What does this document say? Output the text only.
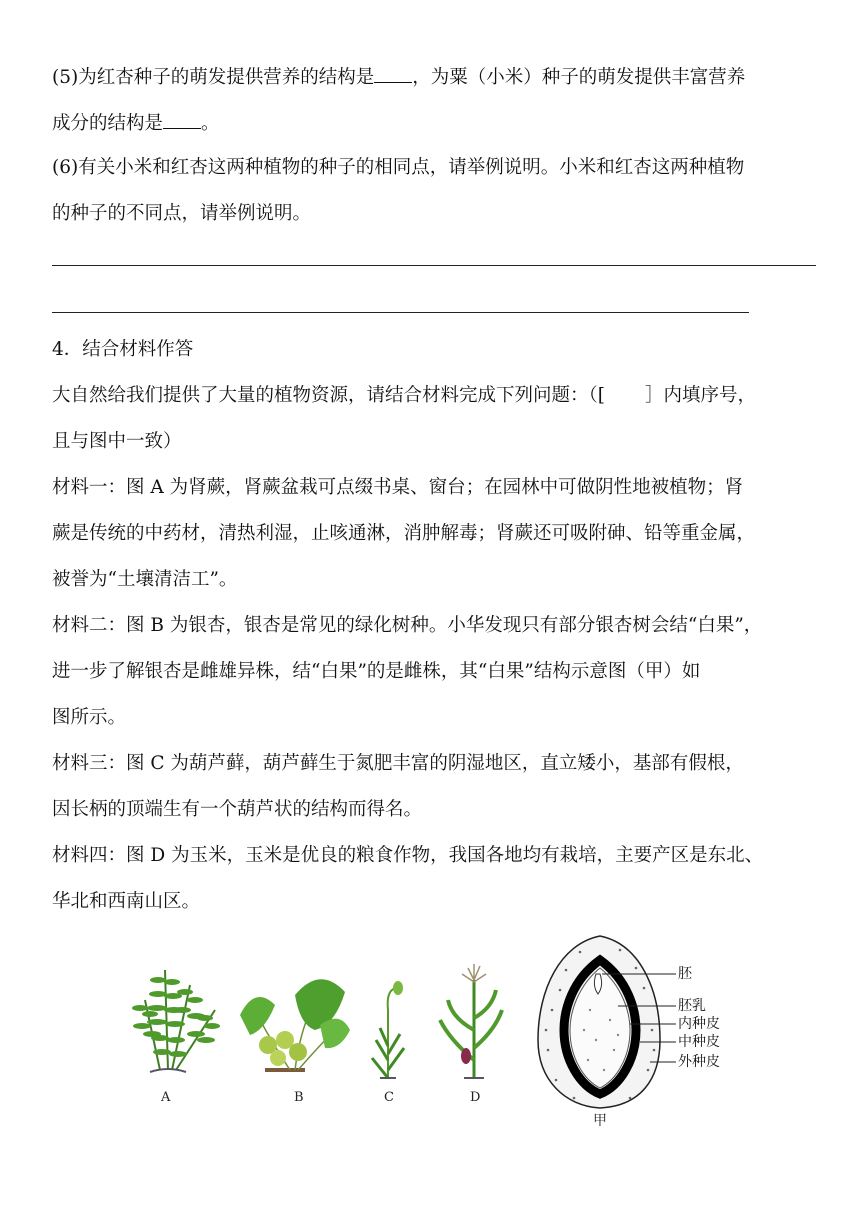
(5)为红杏种子的萌发提供营养的结构是 ，为粟（小米）种子的萌发提供丰富营养
成分的结构是 。
(6)有关小米和红杏这两种植物的种子的相同点，请举例说明。小米和红杏这两种植物
的种子的不同点，请举例说明。
4．结合材料作答
大自然给我们提供了大量的植物资源，请结合材料完成下列问题：（[ ］内填序号，
且与图中一致）
材料一：图 A 为肾蕨，肾蕨盆栽可点缀书桌、窗台；在园林中可做阴性地被植物；肾
蕨是传统的中药材，清热利湿，止咳通淋，消肿解毒；肾蕨还可吸附砷、铅等重金属，
被誉为“土壤清洁工”。
材料二：图 B 为银杏，银杏是常见的绿化树种。小华发现只有部分银杏树会结“白果”，
进一步了解银杏是雌雄异株，结“白果”的是雌株，其“白果”结构示意图（甲）如
图所示。
材料三：图 C 为葫芦藓，葫芦藓生于氮肥丰富的阴湿地区，直立矮小，基部有假根，
因长柄的顶端生有一个葫芦状的结构而得名。
材料四：图 D 为玉米，玉米是优良的粮食作物，我国各地均有栽培，主要产区是东北、
华北和西南山区。
A	B	C	D
甲
胚
胚乳
内种皮
中种皮
外种皮
